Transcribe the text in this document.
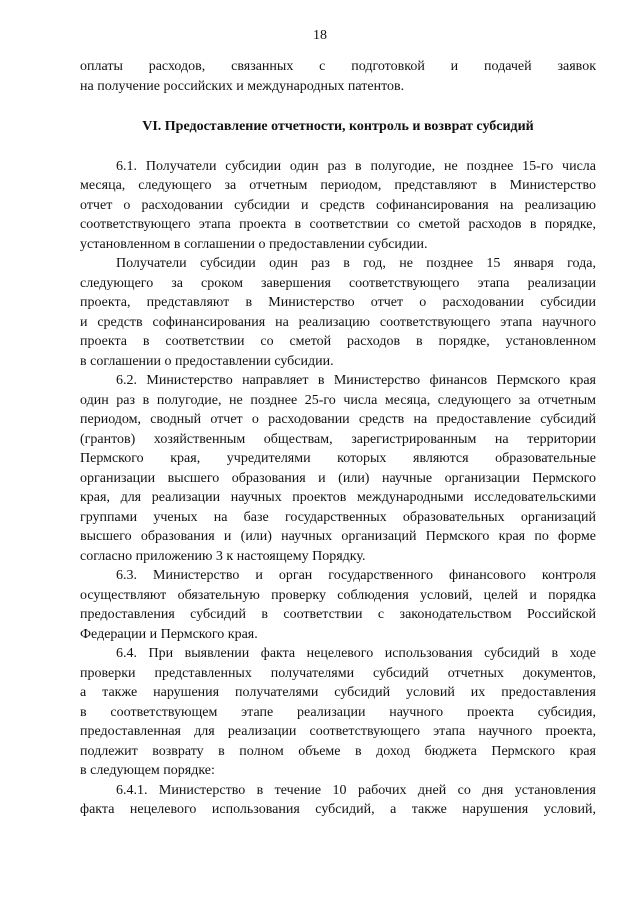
18
оплаты расходов, связанных с подготовкой и подачей заявок
на получение российских и международных патентов.
VI. Предоставление отчетности, контроль и возврат субсидий
6.1. Получатели субсидии один раз в полугодие, не позднее 15-го числа
месяца, следующего за отчетным периодом, представляют в Министерство
отчет о расходовании субсидии и средств софинансирования на реализацию
соответствующего этапа проекта в соответствии со сметой расходов в порядке,
установленном в соглашении о предоставлении субсидии.
Получатели субсидии один раз в год, не позднее 15 января года,
следующего за сроком завершения соответствующего этапа реализации
проекта, представляют в Министерство отчет о расходовании субсидии
и средств софинансирования на реализацию соответствующего этапа научного
проекта в соответствии со сметой расходов в порядке, установленном
в соглашении о предоставлении субсидии.
6.2. Министерство направляет в Министерство финансов Пермского края
один раз в полугодие, не позднее 25-го числа месяца, следующего за отчетным
периодом, сводный отчет о расходовании средств на предоставление субсидий
(грантов) хозяйственным обществам, зарегистрированным на территории
Пермского края, учредителями которых являются образовательные
организации высшего образования и (или) научные организации Пермского
края, для реализации научных проектов международными исследовательскими
группами ученых на базе государственных образовательных организаций
высшего образования и (или) научных организаций Пермского края по форме
согласно приложению 3 к настоящему Порядку.
6.3. Министерство и орган государственного финансового контроля
осуществляют обязательную проверку соблюдения условий, целей и порядка
предоставления субсидий в соответствии с законодательством Российской
Федерации и Пермского края.
6.4. При выявлении факта нецелевого использования субсидий в ходе
проверки представленных получателями субсидий отчетных документов,
а также нарушения получателями субсидий условий их предоставления
в соответствующем этапе реализации научного проекта субсидия,
предоставленная для реализации соответствующего этапа научного проекта,
подлежит возврату в полном объеме в доход бюджета Пермского края
в следующем порядке:
6.4.1. Министерство в течение 10 рабочих дней со дня установления
факта нецелевого использования субсидий, а также нарушения условий,
